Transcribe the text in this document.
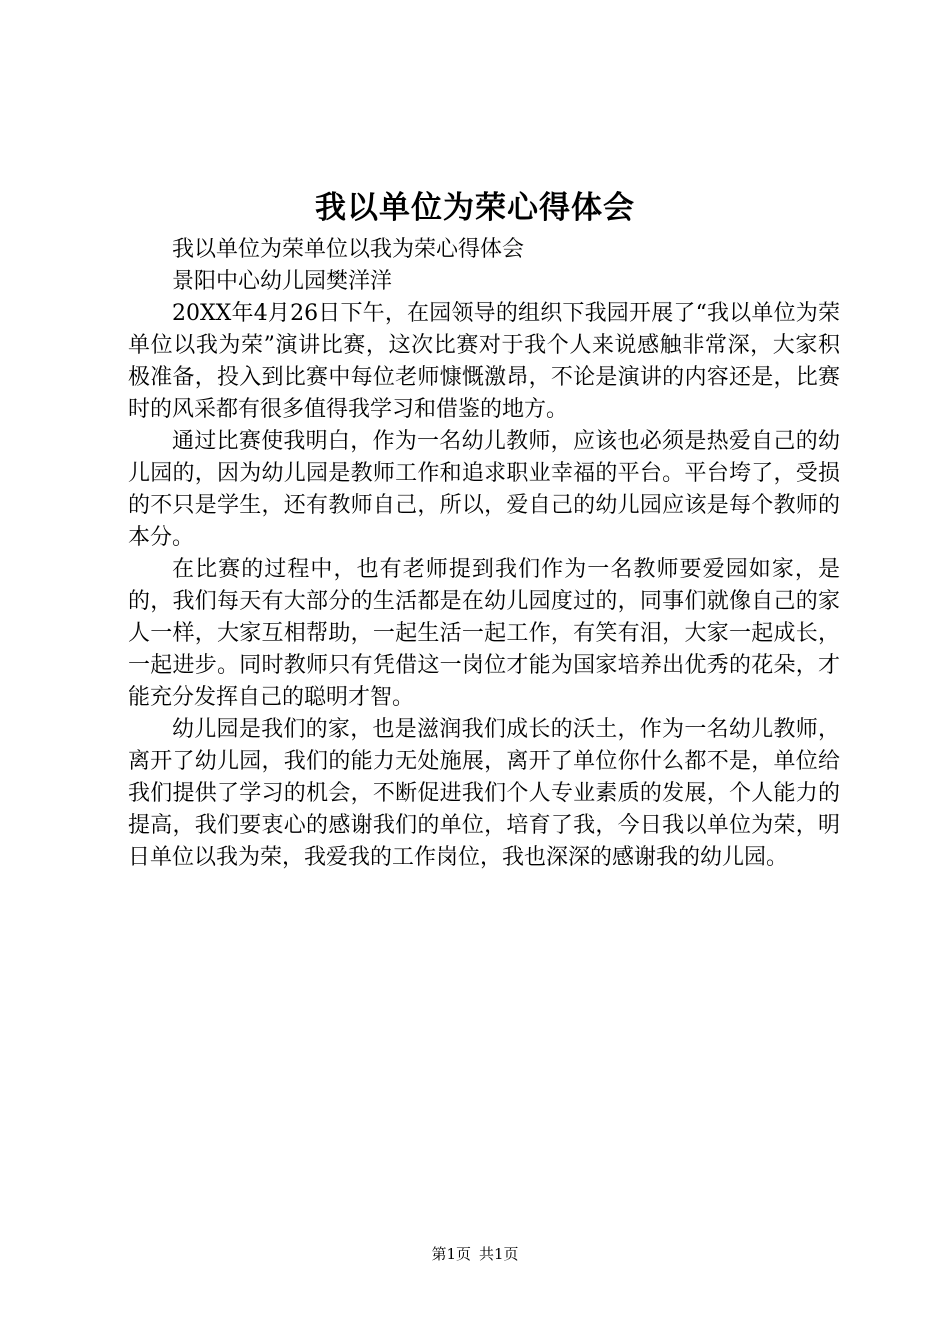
我以单位为荣心得体会

我以单位为荣单位以我为荣心得体会

景阳中心幼儿园樊洋洋

20XX年4月26日下午，在园领导的组织下我园开展了“我以单位为荣单位以我为荣”演讲比赛，这次比赛对于我个人来说感触非常深，大家积极准备，投入到比赛中每位老师慷慨激昂，不论是演讲的内容还是，比赛时的风采都有很多值得我学习和借鉴的地方。

通过比赛使我明白，作为一名幼儿教师，应该也必须是热爱自己的幼儿园的，因为幼儿园是教师工作和追求职业幸福的平台。平台垮了，受损的不只是学生，还有教师自己，所以，爱自己的幼儿园应该是每个教师的本分。

在比赛的过程中，也有老师提到我们作为一名教师要爱园如家，是的，我们每天有大部分的生活都是在幼儿园度过的，同事们就像自己的家人一样，大家互相帮助，一起生活一起工作，有笑有泪，大家一起成长，一起进步。同时教师只有凭借这一岗位才能为国家培养出优秀的花朵，才能充分发挥自己的聪明才智。

幼儿园是我们的家，也是滋润我们成长的沃土，作为一名幼儿教师，离开了幼儿园，我们的能力无处施展，离开了单位你什么都不是，单位给我们提供了学习的机会，不断促进我们个人专业素质的发展，个人能力的提高，我们要衷心的感谢我们的单位，培育了我，今日我以单位为荣，明日单位以我为荣，我爱我的工作岗位，我也深深的感谢我的幼儿园。

第1页 共1页
